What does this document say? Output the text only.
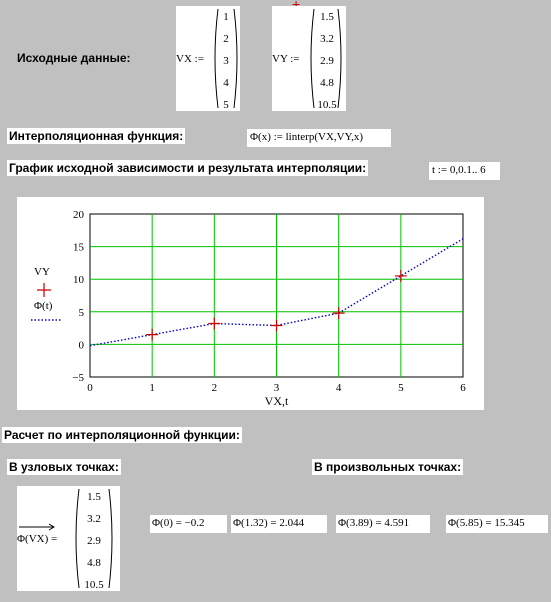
Исходные данные:	VX :=
1
2
3
4
5
VY :=
1.5
3.2
2.9
4.8
10.5
Интерполяционная функция:	Φ(x) := linterp(VX,VY,x)
График исходной зависимости и результата интерполяции:	t := 0,0.1.. 6
0	1	2	3	4	5	6
20
15
10
5
0
−5
VX,t
VY
Φ(t)
Расчет по интерполяционной функции:
В узловых точках:	В произвольных точках:
Φ(VX) =
1.5
3.2
2.9
4.8
10.5
Φ(0) = −0.2	Φ(1.32) = 2.044	Φ(3.89) = 4.591	Φ(5.85) = 15.345
